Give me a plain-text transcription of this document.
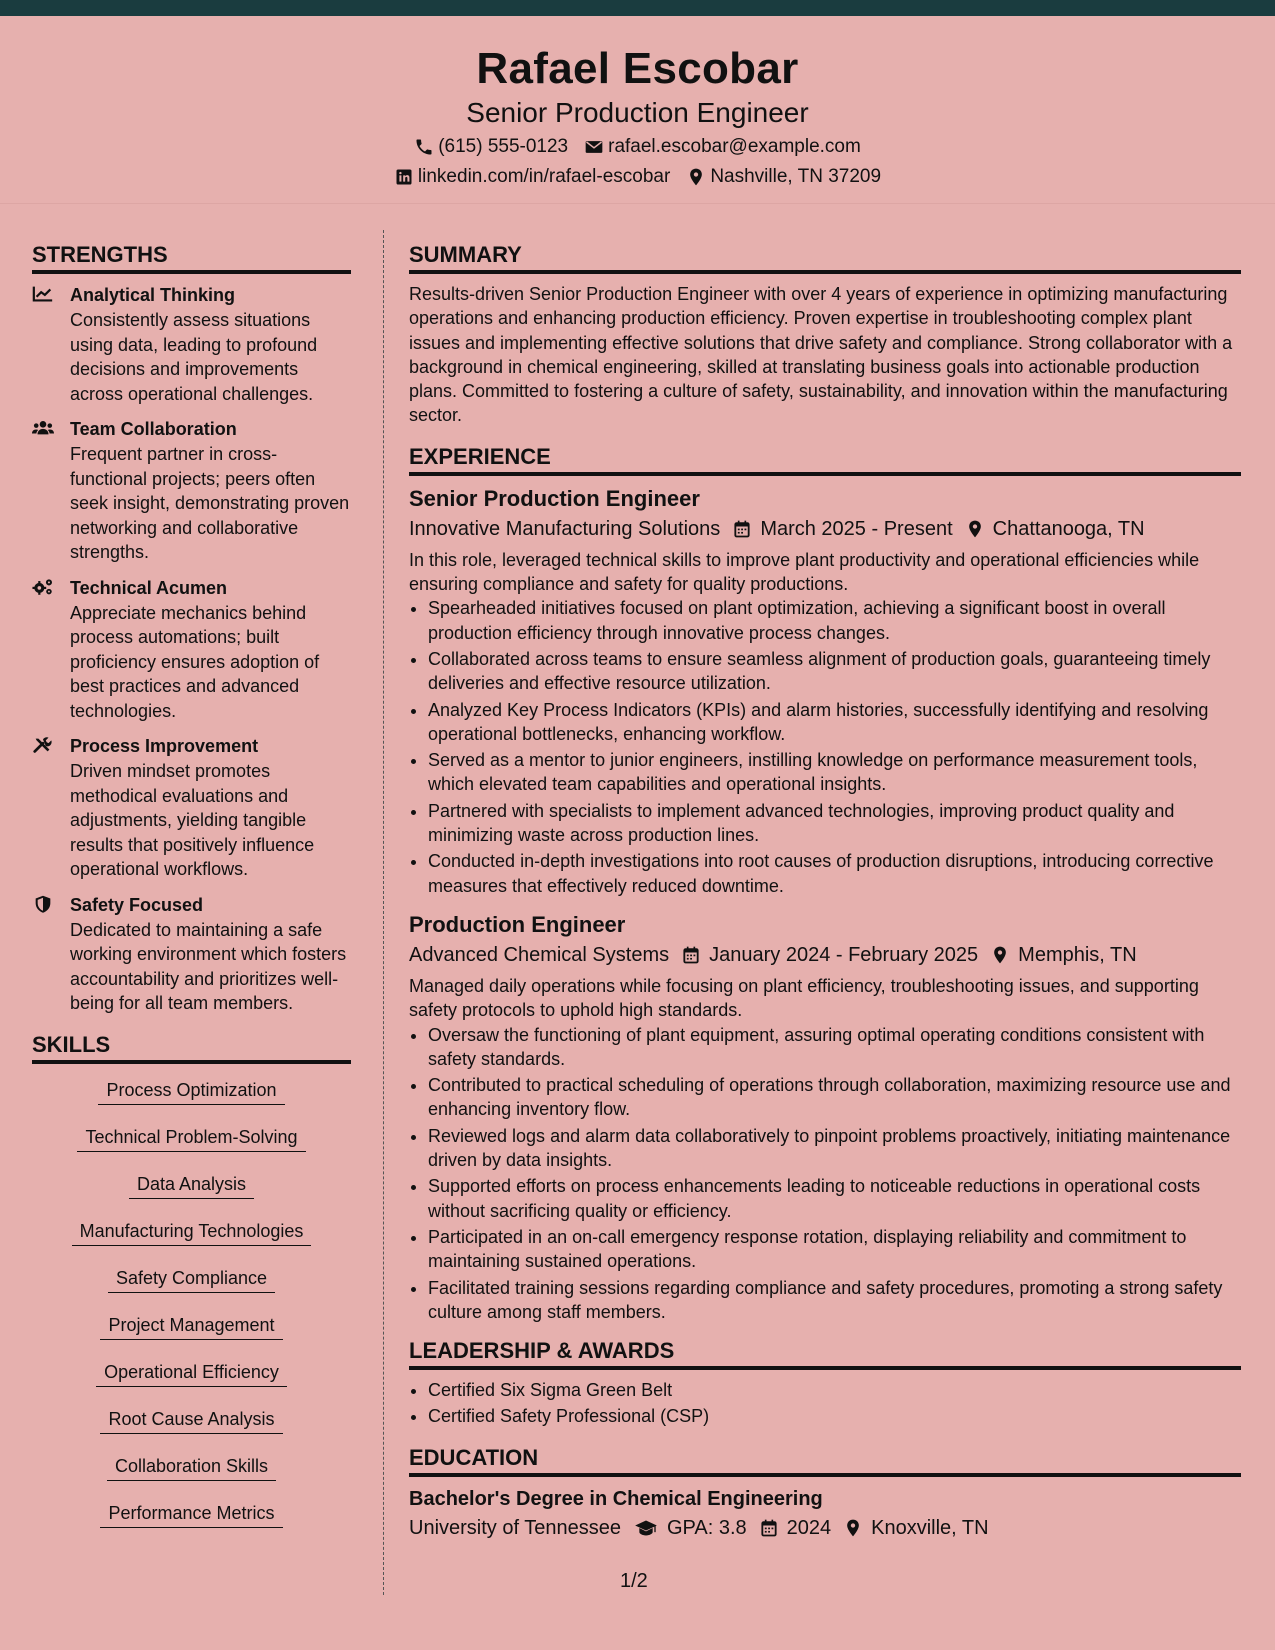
Rafael Escobar
Senior Production Engineer
(615) 555-0123 rafael.escobar@example.com
linkedin.com/in/rafael-escobar Nashville, TN 37209
STRENGTHS
Analytical Thinking
Consistently assess situations using data, leading to profound decisions and improvements across operational challenges.
Team Collaboration
Frequent partner in cross-functional projects; peers often seek insight, demonstrating proven networking and collaborative strengths.
Technical Acumen
Appreciate mechanics behind process automations; built proficiency ensures adoption of best practices and advanced technologies.
Process Improvement
Driven mindset promotes methodical evaluations and adjustments, yielding tangible results that positively influence operational workflows.
Safety Focused
Dedicated to maintaining a safe working environment which fosters accountability and prioritizes well-being for all team members.
SKILLS
Process Optimization
Technical Problem-Solving
Data Analysis
Manufacturing Technologies
Safety Compliance
Project Management
Operational Efficiency
Root Cause Analysis
Collaboration Skills
Performance Metrics
SUMMARY
Results-driven Senior Production Engineer with over 4 years of experience in optimizing manufacturing operations and enhancing production efficiency. Proven expertise in troubleshooting complex plant issues and implementing effective solutions that drive safety and compliance. Strong collaborator with a background in chemical engineering, skilled at translating business goals into actionable production plans. Committed to fostering a culture of safety, sustainability, and innovation within the manufacturing sector.
EXPERIENCE
Senior Production Engineer
Innovative Manufacturing Solutions March 2025 - Present Chattanooga, TN
In this role, leveraged technical skills to improve plant productivity and operational efficiencies while ensuring compliance and safety for quality productions.
• Spearheaded initiatives focused on plant optimization, achieving a significant boost in overall production efficiency through innovative process changes.
• Collaborated across teams to ensure seamless alignment of production goals, guaranteeing timely deliveries and effective resource utilization.
• Analyzed Key Process Indicators (KPIs) and alarm histories, successfully identifying and resolving operational bottlenecks, enhancing workflow.
• Served as a mentor to junior engineers, instilling knowledge on performance measurement tools, which elevated team capabilities and operational insights.
• Partnered with specialists to implement advanced technologies, improving product quality and minimizing waste across production lines.
• Conducted in-depth investigations into root causes of production disruptions, introducing corrective measures that effectively reduced downtime.
Production Engineer
Advanced Chemical Systems January 2024 - February 2025 Memphis, TN
Managed daily operations while focusing on plant efficiency, troubleshooting issues, and supporting safety protocols to uphold high standards.
• Oversaw the functioning of plant equipment, assuring optimal operating conditions consistent with safety standards.
• Contributed to practical scheduling of operations through collaboration, maximizing resource use and enhancing inventory flow.
• Reviewed logs and alarm data collaboratively to pinpoint problems proactively, initiating maintenance driven by data insights.
• Supported efforts on process enhancements leading to noticeable reductions in operational costs without sacrificing quality or efficiency.
• Participated in an on-call emergency response rotation, displaying reliability and commitment to maintaining sustained operations.
• Facilitated training sessions regarding compliance and safety procedures, promoting a strong safety culture among staff members.
LEADERSHIP & AWARDS
• Certified Six Sigma Green Belt
• Certified Safety Professional (CSP)
EDUCATION
Bachelor's Degree in Chemical Engineering
University of Tennessee GPA: 3.8 2024 Knoxville, TN
1/2
